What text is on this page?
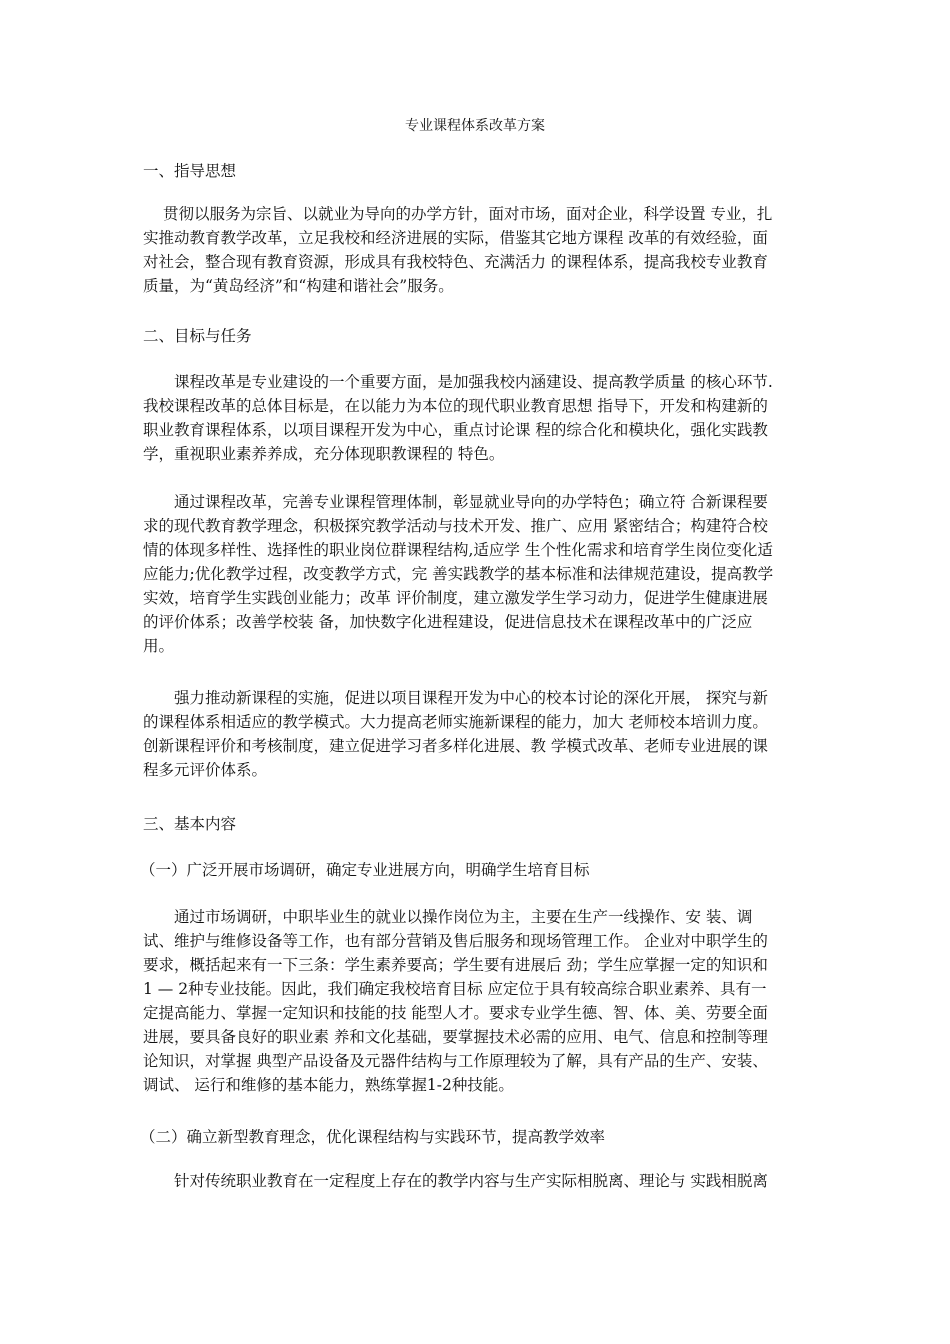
专业课程体系改革方案
一、指导思想
贯彻以服务为宗旨、以就业为导向的办学方针，面对市场，面对企业，科学设置 专业，扎
实推动教育教学改革，立足我校和经济进展的实际，借鉴其它地方课程 改革的有效经验，面
对社会，整合现有教育资源，形成具有我校特色、充满活力 的课程体系，提高我校专业教育
质量，为“黄岛经济”和“构建和谐社会”服务。
二、目标与任务
课程改革是专业建设的一个重要方面，是加强我校内涵建设、提高教学质量 的核心环节.
我校课程改革的总体目标是，在以能力为本位的现代职业教育思想 指导下，开发和构建新的
职业教育课程体系，以项目课程开发为中心，重点讨论课 程的综合化和模块化，强化实践教
学，重视职业素养养成，充分体现职教课程的 特色。
通过课程改革，完善专业课程管理体制，彰显就业导向的办学特色；确立符 合新课程要
求的现代教育教学理念，积极探究教学活动与技术开发、推广、应用 紧密结合；构建符合校
情的体现多样性、选择性的职业岗位群课程结构,适应学 生个性化需求和培育学生岗位变化适
应能力;优化教学过程，改变教学方式，完 善实践教学的基本标准和法律规范建设，提高教学
实效，培育学生实践创业能力；改革 评价制度，建立激发学生学习动力，促进学生健康进展
的评价体系；改善学校装 备，加快数字化进程建设，促进信息技术在课程改革中的广泛应
用。
强力推动新课程的实施，促进以项目课程开发为中心的校本讨论的深化开展， 探究与新
的课程体系相适应的教学模式。大力提高老师实施新课程的能力，加大 老师校本培训力度。
创新课程评价和考核制度，建立促进学习者多样化进展、教 学模式改革、老师专业进展的课
程多元评价体系。
三、基本内容
（一）广泛开展市场调研，确定专业进展方向，明确学生培育目标
通过市场调研，中职毕业生的就业以操作岗位为主，主要在生产一线操作、安 装、调
试、维护与维修设备等工作，也有部分营销及售后服务和现场管理工作。 企业对中职学生的
要求，概括起来有一下三条：学生素养要高；学生要有进展后 劲；学生应掌握一定的知识和
1 — 2种专业技能。因此，我们确定我校培育目标 应定位于具有较高综合职业素养、具有一
定提高能力、掌握一定知识和技能的技 能型人才。要求专业学生德、智、体、美、劳要全面
进展，要具备良好的职业素 养和文化基础，要掌握技术必需的应用、电气、信息和控制等理
论知识，对掌握 典型产品设备及元器件结构与工作原理较为了解，具有产品的生产、安装、
调试、 运行和维修的基本能力，熟练掌握1-2种技能。
（二）确立新型教育理念，优化课程结构与实践环节，提高教学效率
针对传统职业教育在一定程度上存在的教学内容与生产实际相脱离、理论与 实践相脱离
